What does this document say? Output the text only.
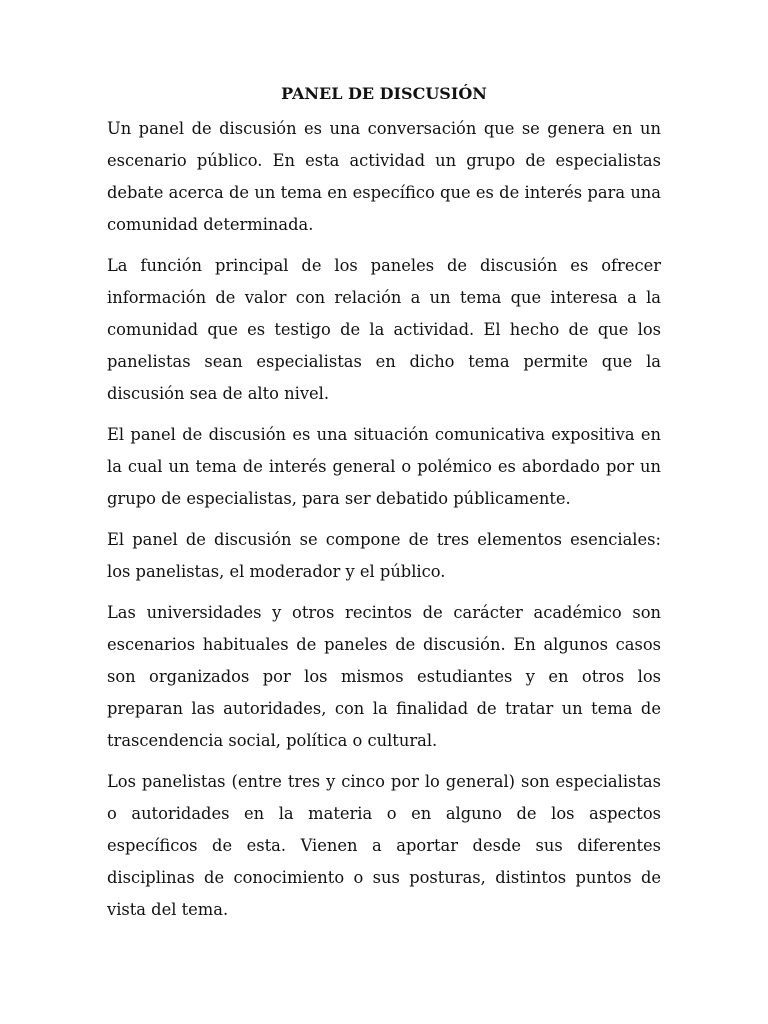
PANEL DE DISCUSIÓN

Un panel de discusión es una conversación que se genera en un escenario público. En esta actividad un grupo de especialistas debate acerca de un tema en específico que es de interés para una comunidad determinada.

La función principal de los paneles de discusión es ofrecer información de valor con relación a un tema que interesa a la comunidad que es testigo de la actividad. El hecho de que los panelistas sean especialistas en dicho tema permite que la discusión sea de alto nivel.

El panel de discusión es una situación comunicativa expositiva en la cual un tema de interés general o polémico es abordado por un grupo de especialistas, para ser debatido públicamente.

El panel de discusión se compone de tres elementos esenciales: los panelistas, el moderador y el público.

Las universidades y otros recintos de carácter académico son escenarios habituales de paneles de discusión. En algunos casos son organizados por los mismos estudiantes y en otros los preparan las autoridades, con la finalidad de tratar un tema de trascendencia social, política o cultural.

Los panelistas (entre tres y cinco por lo general) son especialistas o autoridades en la materia o en alguno de los aspectos específicos de esta. Vienen a aportar desde sus diferentes disciplinas de conocimiento o sus posturas, distintos puntos de vista del tema.
